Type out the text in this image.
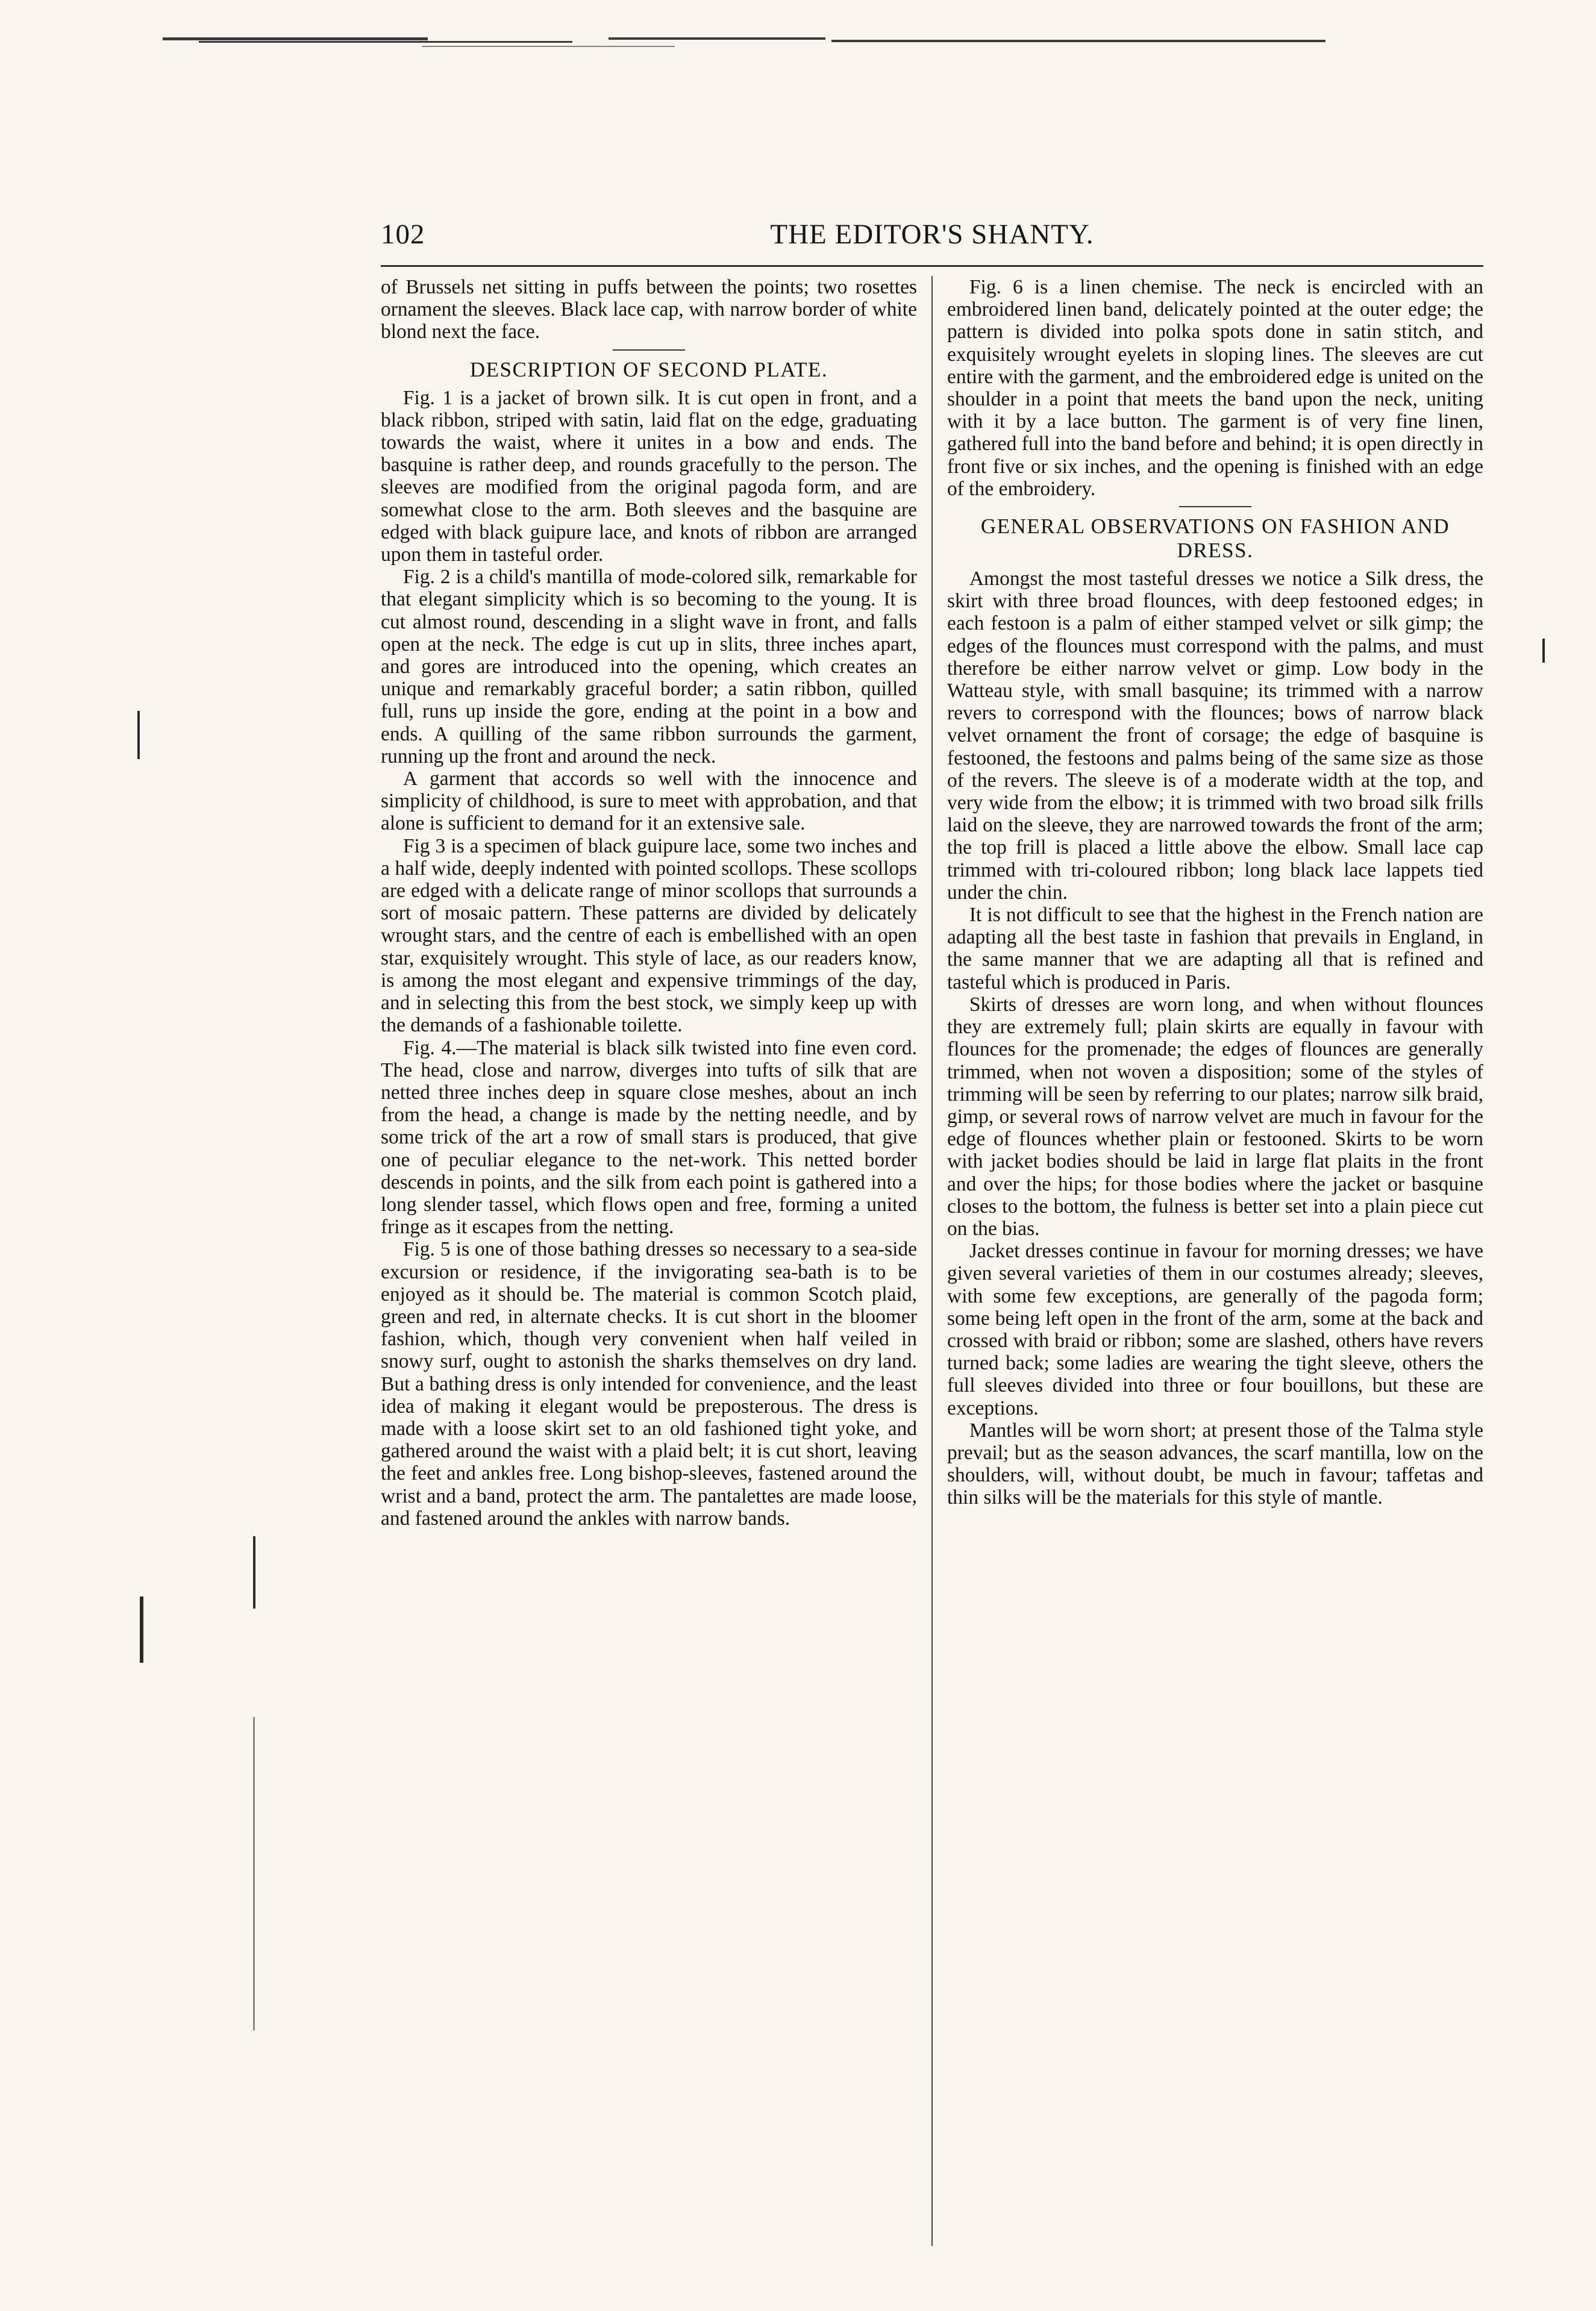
102	THE EDITOR'S SHANTY.

of Brussels net sitting in puffs between the points; two rosettes ornament the sleeves. Black lace cap, with narrow border of white blond next the face.

DESCRIPTION OF SECOND PLATE.

Fig. 1 is a jacket of brown silk. It is cut open in front, and a black ribbon, striped with satin, laid flat on the edge, graduating towards the waist, where it unites in a bow and ends. The basquine is rather deep, and rounds gracefully to the person. The sleeves are modified from the original pagoda form, and are somewhat close to the arm. Both sleeves and the basquine are edged with black guipure lace, and knots of ribbon are arranged upon them in tasteful order.

Fig. 2 is a child's mantilla of mode-colored silk, remarkable for that elegant simplicity which is so becoming to the young. It is cut almost round, descending in a slight wave in front, and falls open at the neck. The edge is cut up in slits, three inches apart, and gores are introduced into the opening, which creates an unique and remarkably graceful border; a satin ribbon, quilled full, runs up inside the gore, ending at the point in a bow and ends. A quilling of the same ribbon surrounds the garment, running up the front and around the neck.

A garment that accords so well with the innocence and simplicity of childhood, is sure to meet with approbation, and that alone is sufficient to demand for it an extensive sale.

Fig 3 is a specimen of black guipure lace, some two inches and a half wide, deeply indented with pointed scollops. These scollops are edged with a delicate range of minor scollops that surrounds a sort of mosaic pattern. These patterns are divided by delicately wrought stars, and the centre of each is embellished with an open star, exquisitely wrought. This style of lace, as our readers know, is among the most elegant and expensive trimmings of the day, and in selecting this from the best stock, we simply keep up with the demands of a fashionable toilette.

Fig. 4.—The material is black silk twisted into fine even cord. The head, close and narrow, diverges into tufts of silk that are netted three inches deep in square close meshes, about an inch from the head, a change is made by the netting needle, and by some trick of the art a row of small stars is produced, that give one of peculiar elegance to the net-work. This netted border descends in points, and the silk from each point is gathered into a long slender tassel, which flows open and free, forming a united fringe as it escapes from the netting.

Fig. 5 is one of those bathing dresses so necessary to a sea-side excursion or residence, if the invigorating sea-bath is to be enjoyed as it should be. The material is common Scotch plaid, green and red, in alternate checks. It is cut short in the bloomer fashion, which, though very convenient when half veiled in snowy surf, ought to astonish the sharks themselves on dry land. But a bathing dress is only intended for convenience, and the least idea of making it elegant would be preposterous. The dress is made with a loose skirt set to an old fashioned tight yoke, and gathered around the waist with a plaid belt; it is cut short, leaving the feet and ankles free. Long bishop-sleeves, fastened around the wrist and a band, protect the arm. The pantalettes are made loose, and fastened around the ankles with narrow bands.

Fig. 6 is a linen chemise. The neck is encircled with an embroidered linen band, delicately pointed at the outer edge; the pattern is divided into polka spots done in satin stitch, and exquisitely wrought eyelets in sloping lines. The sleeves are cut entire with the garment, and the embroidered edge is united on the shoulder in a point that meets the band upon the neck, uniting with it by a lace button. The garment is of very fine linen, gathered full into the band before and behind; it is open directly in front five or six inches, and the opening is finished with an edge of the embroidery.

GENERAL OBSERVATIONS ON FASHION AND DRESS.

Amongst the most tasteful dresses we notice a Silk dress, the skirt with three broad flounces, with deep festooned edges; in each festoon is a palm of either stamped velvet or silk gimp; the edges of the flounces must correspond with the palms, and must therefore be either narrow velvet or gimp. Low body in the Watteau style, with small basquine; its trimmed with a narrow revers to correspond with the flounces; bows of narrow black velvet ornament the front of corsage; the edge of basquine is festooned, the festoons and palms being of the same size as those of the revers. The sleeve is of a moderate width at the top, and very wide from the elbow; it is trimmed with two broad silk frills laid on the sleeve, they are narrowed towards the front of the arm; the top frill is placed a little above the elbow. Small lace cap trimmed with tri-coloured ribbon; long black lace lappets tied under the chin.

It is not difficult to see that the highest in the French nation are adapting all the best taste in fashion that prevails in England, in the same manner that we are adapting all that is refined and tasteful which is produced in Paris.

Skirts of dresses are worn long, and when without flounces they are extremely full; plain skirts are equally in favour with flounces for the promenade; the edges of flounces are generally trimmed, when not woven a disposition; some of the styles of trimming will be seen by referring to our plates; narrow silk braid, gimp, or several rows of narrow velvet are much in favour for the edge of flounces whether plain or festooned. Skirts to be worn with jacket bodies should be laid in large flat plaits in the front and over the hips; for those bodies where the jacket or basquine closes to the bottom, the fulness is better set into a plain piece cut on the bias.

Jacket dresses continue in favour for morning dresses; we have given several varieties of them in our costumes already; sleeves, with some few exceptions, are generally of the pagoda form; some being left open in the front of the arm, some at the back and crossed with braid or ribbon; some are slashed, others have revers turned back; some ladies are wearing the tight sleeve, others the full sleeves divided into three or four bouillons, but these are exceptions.

Mantles will be worn short; at present those of the Talma style prevail; but as the season advances, the scarf mantilla, low on the shoulders, will, without doubt, be much in favour; taffetas and thin silks will be the materials for this style of mantle.
